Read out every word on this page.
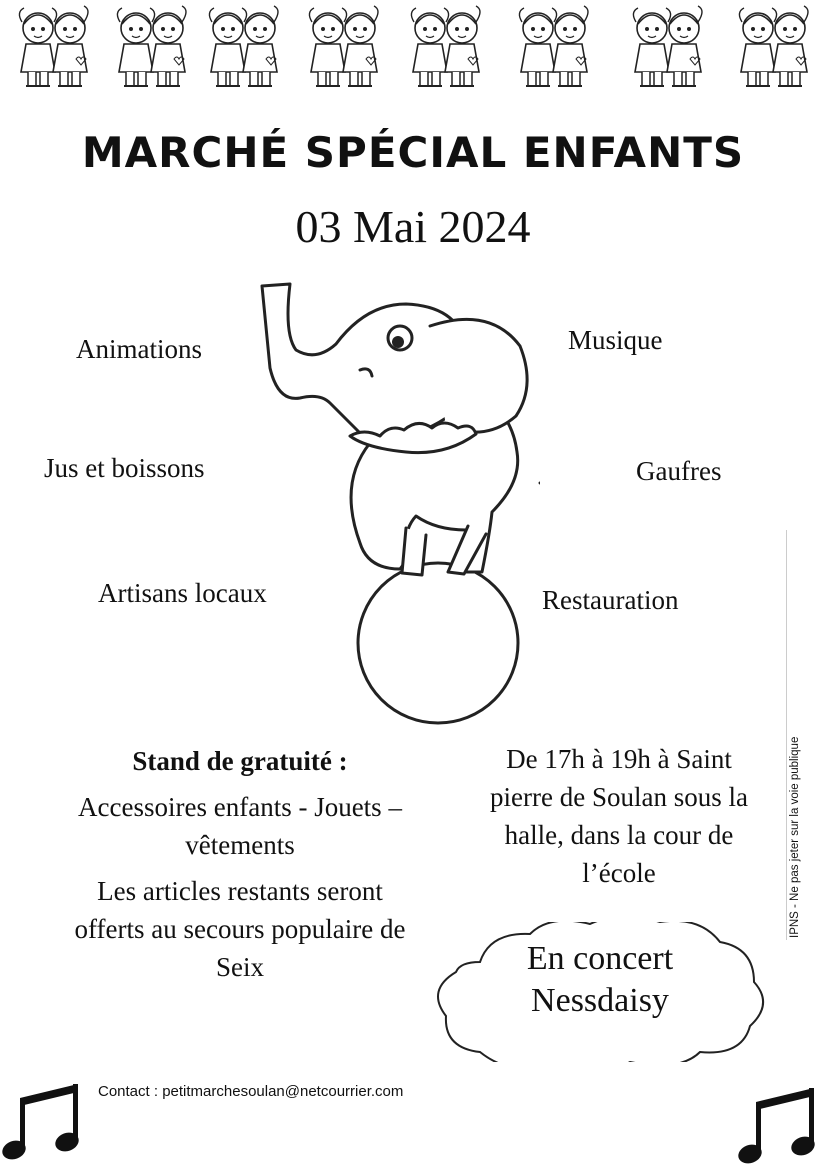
MARCHÉ SPÉCIAL ENFANTS
03 Mai 2024
Animations
Jus et boissons
Artisans locaux
Musique
Gaufres
Restauration
Stand de gratuité :
Accessoires enfants - Jouets –
vêtements
Les articles restants seront
offerts au secours populaire de
Seix
De 17h à 19h à Saint
pierre de Soulan sous la
halle, dans la cour de
l’école
En concert
Nessdaisy
IPNS - Ne pas jeter sur la voie publique
Contact : petitmarchesoulan@netcourrier.com
